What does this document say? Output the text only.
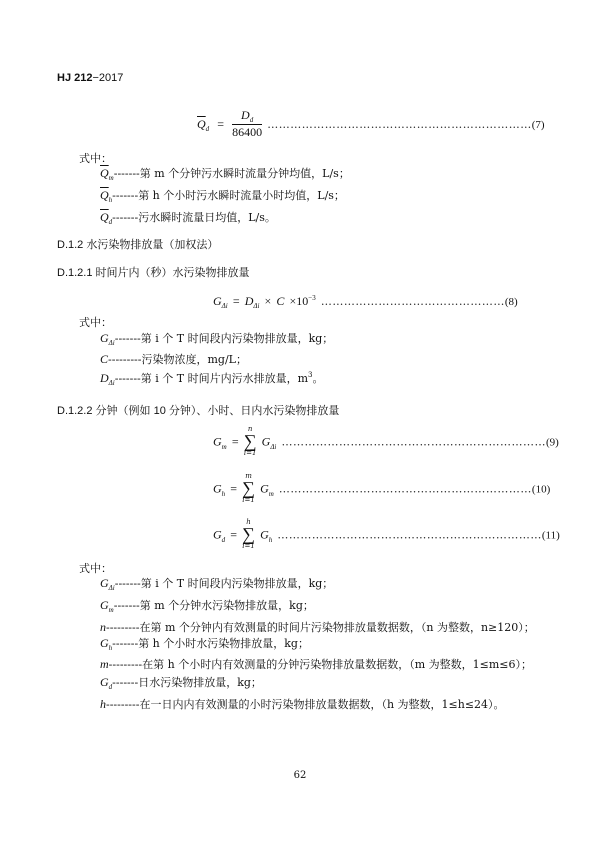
HJ 212−2017
$\overline{Q}d = \frac{D_d}{86400}$ ……………………………………………………………(7)
式中：
$\overline{Q}_m-------$第 m 个分钟污水瞬时流量分钟均值，L/s；
$\overline{Q}_h-------$第 h 个小时污水瞬时流量小时均值，L/s；
$\overline{Q}_d-------$污水瞬时流量日均值，L/s。
D.1.2 水污染物排放量（加权法）
D.1.2.1 时间片内（秒）水污染物排放量
$G\Delta i = D\Delta i \times C \times 10^{-3}$ …………………………………………(8)
式中：
$G_{\Delta i}-------$第 i 个 T 时间段内污染物排放量，kg；
C---------污染物浓度，mg/L；
$D_{\Delta i}-------$第 i 个 T 时间片内污水排放量，$m^3$。
D.1.2.2 分钟（例如 10 分钟）、小时、日内水污染物排放量
Gm =
n
∑
i=1
GΔi ……………………………………………………………(9)
Gh =
m
∑
i=1
Gm …………………………………………………………(10)
Gd =
h
∑
i=1
Gh ……………………………………………………………(11)
式中：
$G_{\Delta i}-------$第 i 个 T 时间段内污染物排放量，kg；
$G_m-------$第 m 个分钟水污染物排放量，kg；
n---------在第 m 个分钟内有效测量的时间片污染物排放量数据数，（n 为整数，n≥120）；
$G_h-------$第 h 个小时水污染物排放量，kg；
m---------在第 h 个小时内有效测量的分钟污染物排放量数据数，（m 为整数，1≤m≤6）；
$G_d-------$日水污染物排放量，kg；
h---------在一日内内有效测量的小时污染物排放量数据数，（h 为整数，1≤h≤24）。
62
